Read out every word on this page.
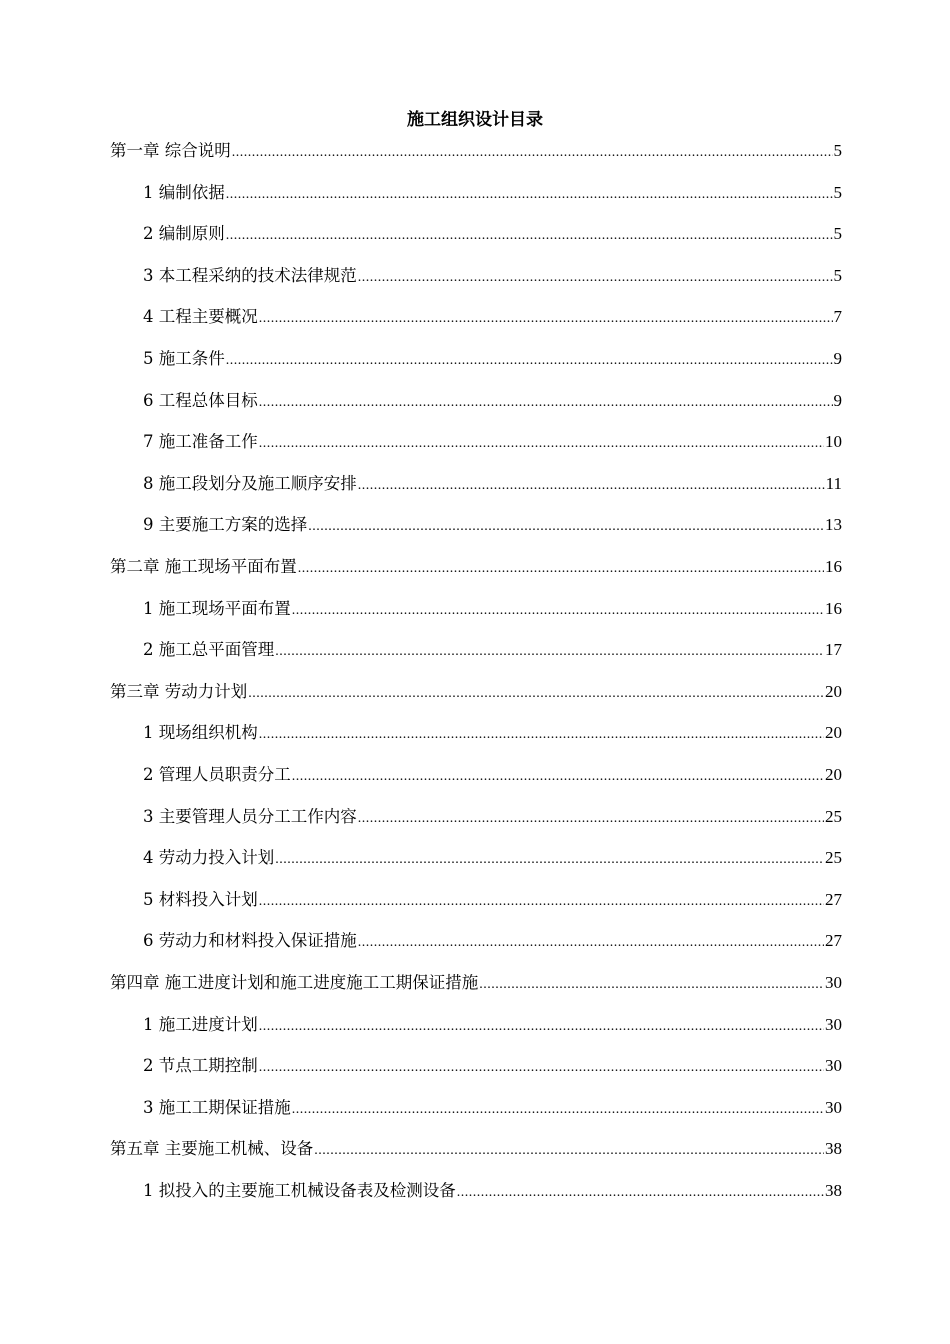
施工组织设计目录
第一章 综合说明 .....	5
1 编制依据 .....	5
2 编制原则 .....	5
3 本工程采纳的技术法律规范 .....	5
4 工程主要概况 .....	7
5 施工条件 .....	9
6 工程总体目标 .....	9
7 施工准备工作 .....	10
8 施工段划分及施工顺序安排 .....	11
9 主要施工方案的选择 .....	13
第二章 施工现场平面布置 .....	16
1 施工现场平面布置 .....	16
2 施工总平面管理 .....	17
第三章 劳动力计划 .....	20
1 现场组织机构 .....	20
2 管理人员职责分工 .....	20
3 主要管理人员分工工作内容 .....	25
4 劳动力投入计划 .....	25
5 材料投入计划 .....	27
6 劳动力和材料投入保证措施 .....	27
第四章 施工进度计划和施工进度施工工期保证措施 .....	30
1 施工进度计划 .....	30
2 节点工期控制 .....	30
3 施工工期保证措施 .....	30
第五章 主要施工机械、设备 .....	38
1 拟投入的主要施工机械设备表及检测设备 .....	38
